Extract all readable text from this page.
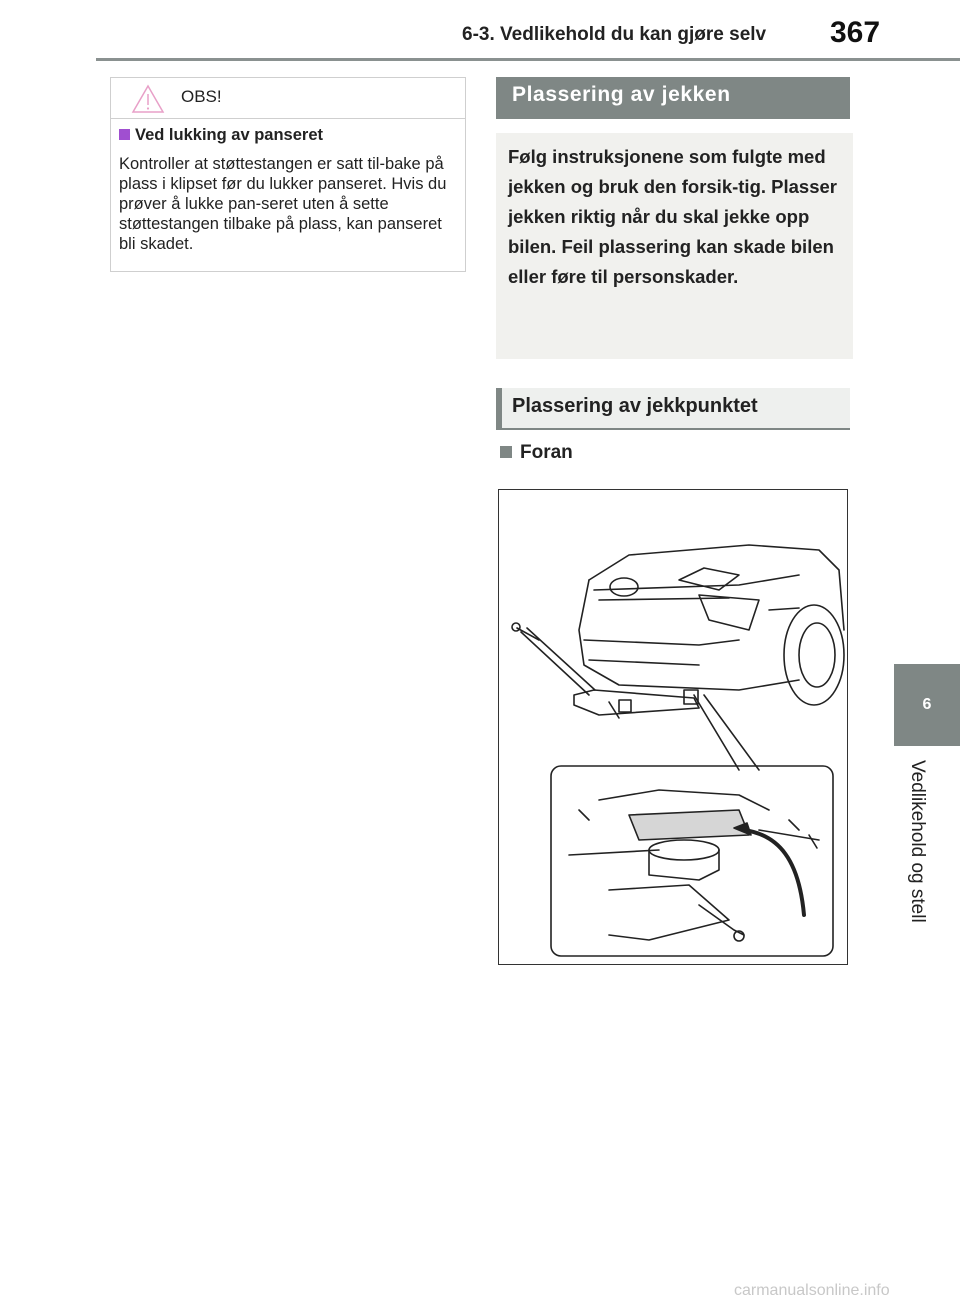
6-3. Vedlikehold du kan gjøre selv 367
6
Vedlikehold og stell
OBS!
Ved lukking av panseret
Kontroller at støttestangen er satt til-bake på plass i klipset før du lukker panseret. Hvis du prøver å lukke pan-seret uten å sette støttestangen tilbake på plass, kan panseret bli skadet.
Plassering av jekken
Følg instruksjonene som fulgte med jekken og bruk den forsik-tig. Plasser jekken riktig når du skal jekke opp bilen. Feil plassering kan skade bilen eller føre til personskader.
Plassering av jekkpunktet
Foran
carmanualsonline.info
